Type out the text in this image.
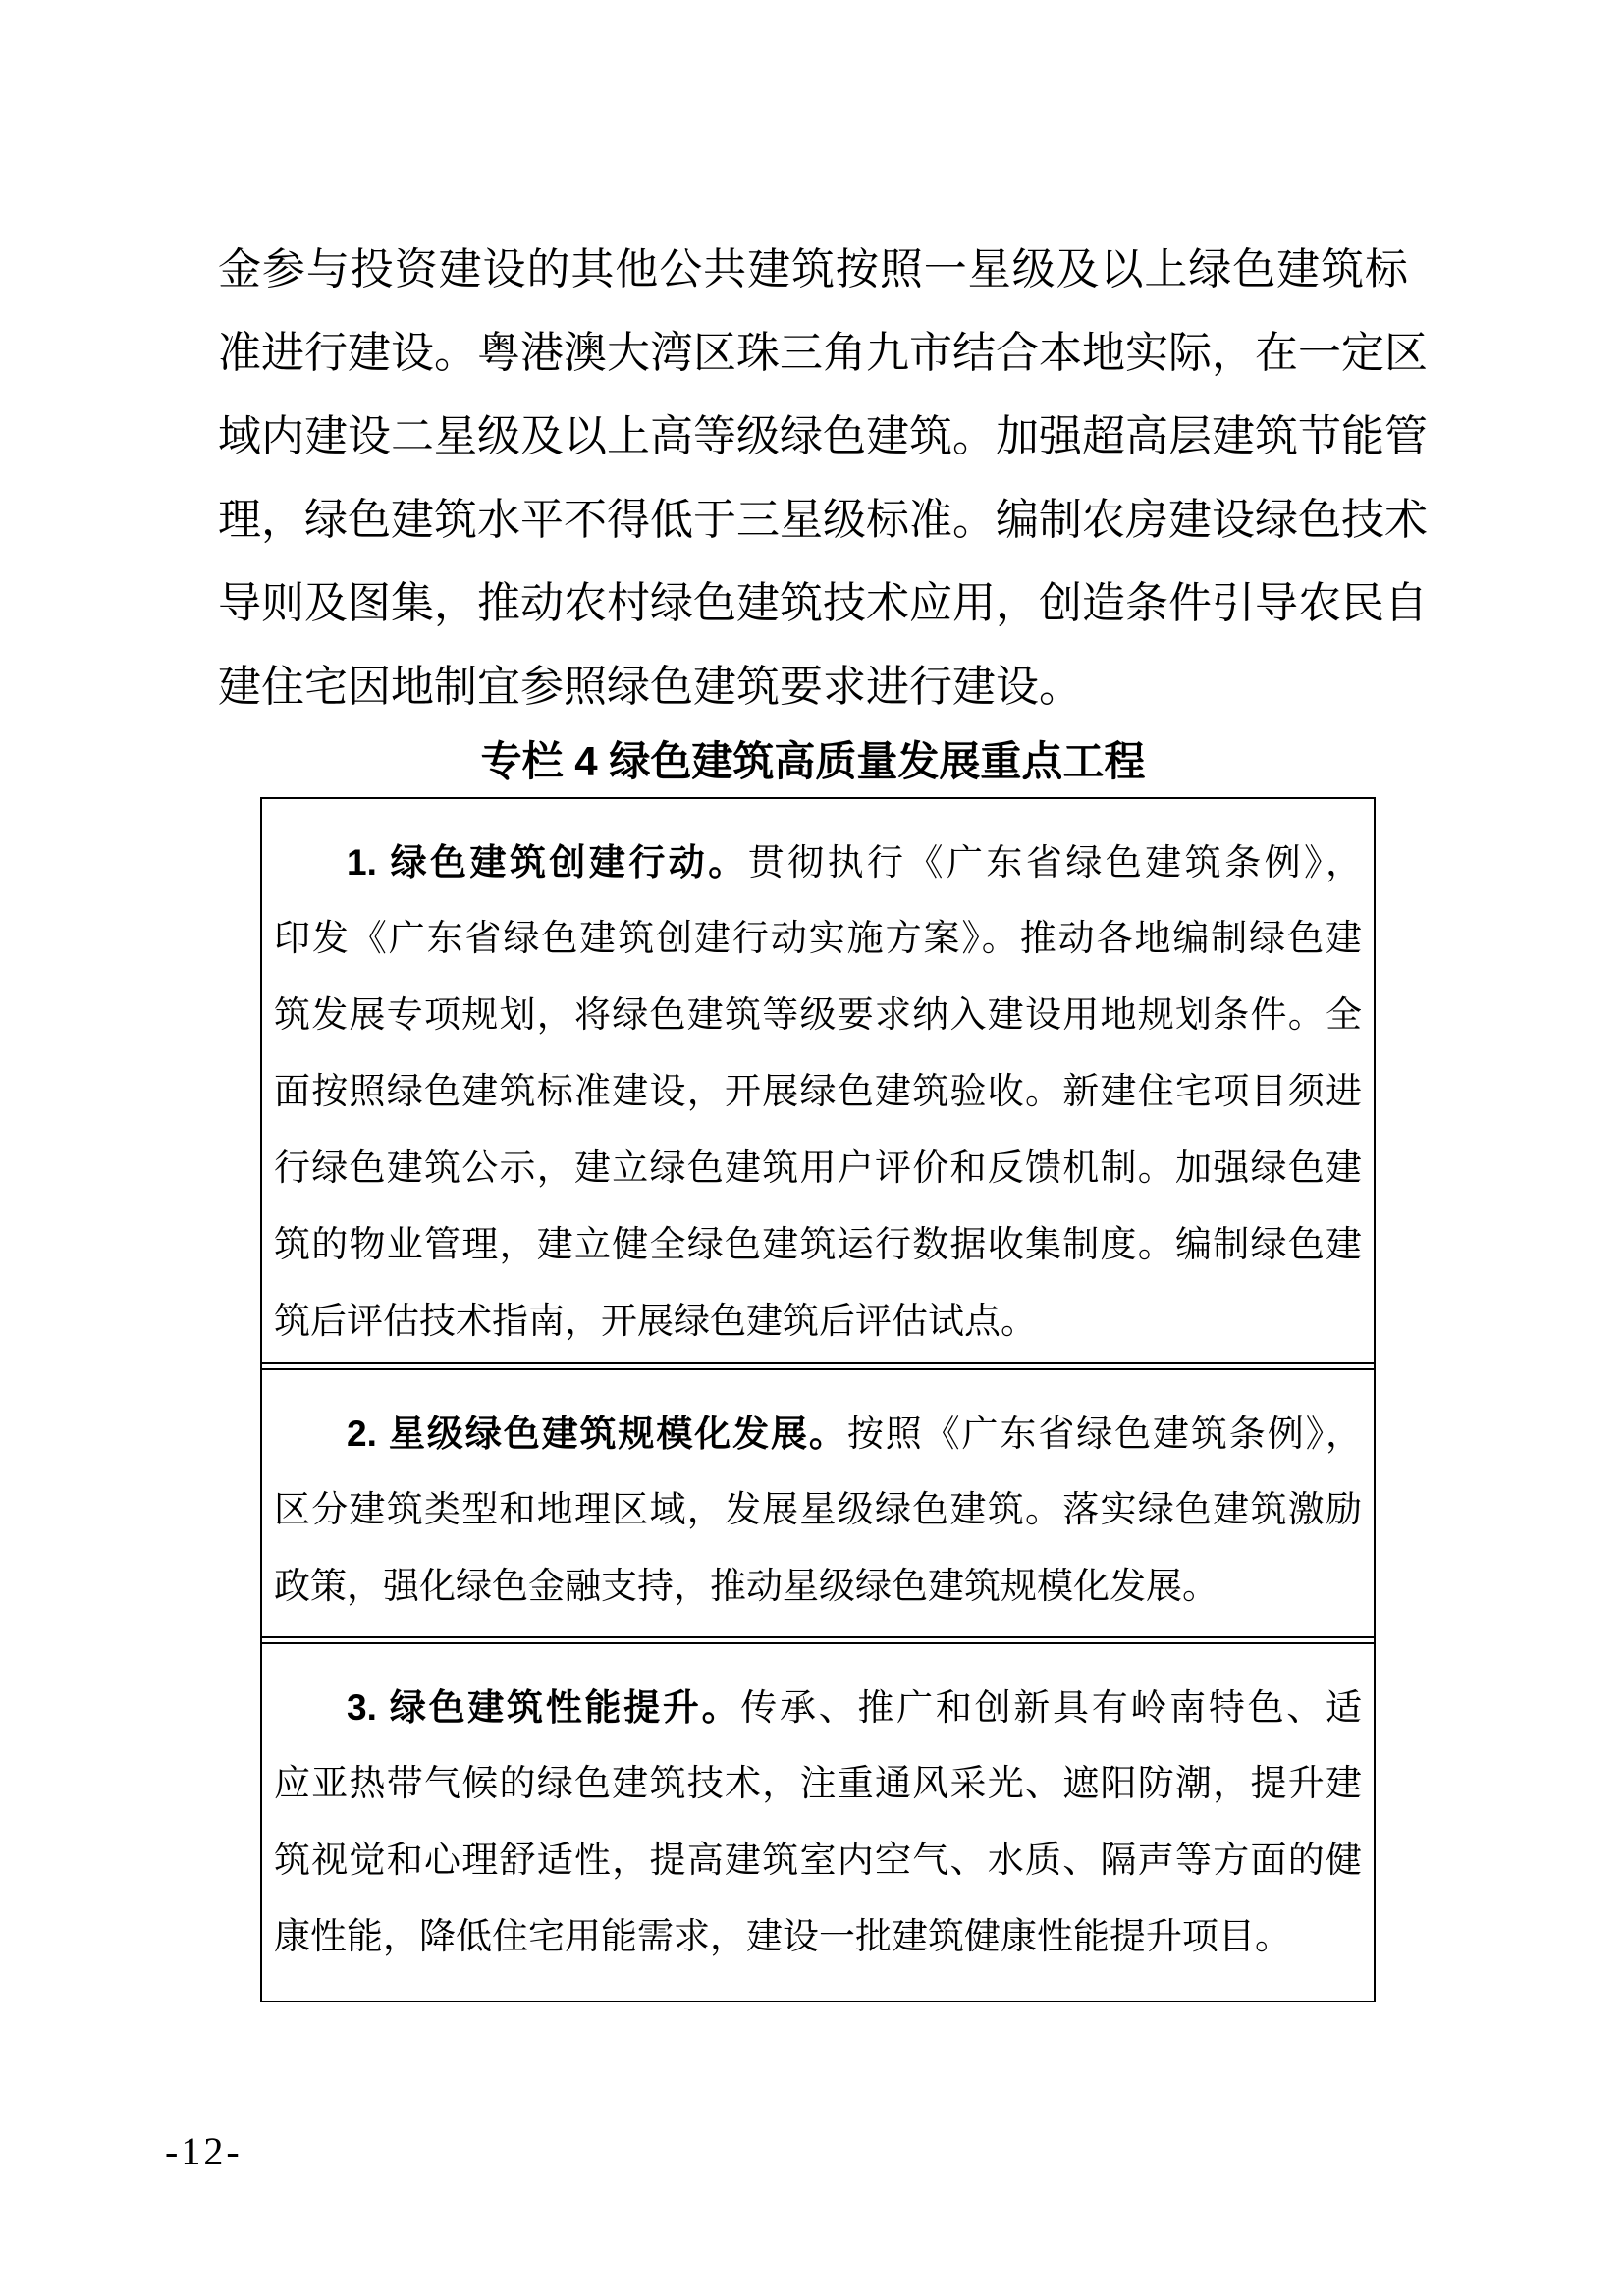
金参与投资建设的其他公共建筑按照一星级及以上绿色建筑标
准进行建设。粤港澳大湾区珠三角九市结合本地实际，在一定区
域内建设二星级及以上高等级绿色建筑。加强超高层建筑节能管
理，绿色建筑水平不得低于三星级标准。编制农房建设绿色技术
导则及图集，推动农村绿色建筑技术应用，创造条件引导农民自
建住宅因地制宜参照绿色建筑要求进行建设。
专栏 4 绿色建筑高质量发展重点工程
1. 绿色建筑创建行动。贯彻执行《广东省绿色建筑条例》，
印发《广东省绿色建筑创建行动实施方案》。推动各地编制绿色建
筑发展专项规划，将绿色建筑等级要求纳入建设用地规划条件。全
面按照绿色建筑标准建设，开展绿色建筑验收。新建住宅项目须进
行绿色建筑公示，建立绿色建筑用户评价和反馈机制。加强绿色建
筑的物业管理，建立健全绿色建筑运行数据收集制度。编制绿色建
筑后评估技术指南，开展绿色建筑后评估试点。
2. 星级绿色建筑规模化发展。按照《广东省绿色建筑条例》，
区分建筑类型和地理区域，发展星级绿色建筑。落实绿色建筑激励
政策，强化绿色金融支持，推动星级绿色建筑规模化发展。
3. 绿色建筑性能提升。传承、推广和创新具有岭南特色、适
应亚热带气候的绿色建筑技术，注重通风采光、遮阳防潮，提升建
筑视觉和心理舒适性，提高建筑室内空气、水质、隔声等方面的健
康性能，降低住宅用能需求，建设一批建筑健康性能提升项目。
-12-
